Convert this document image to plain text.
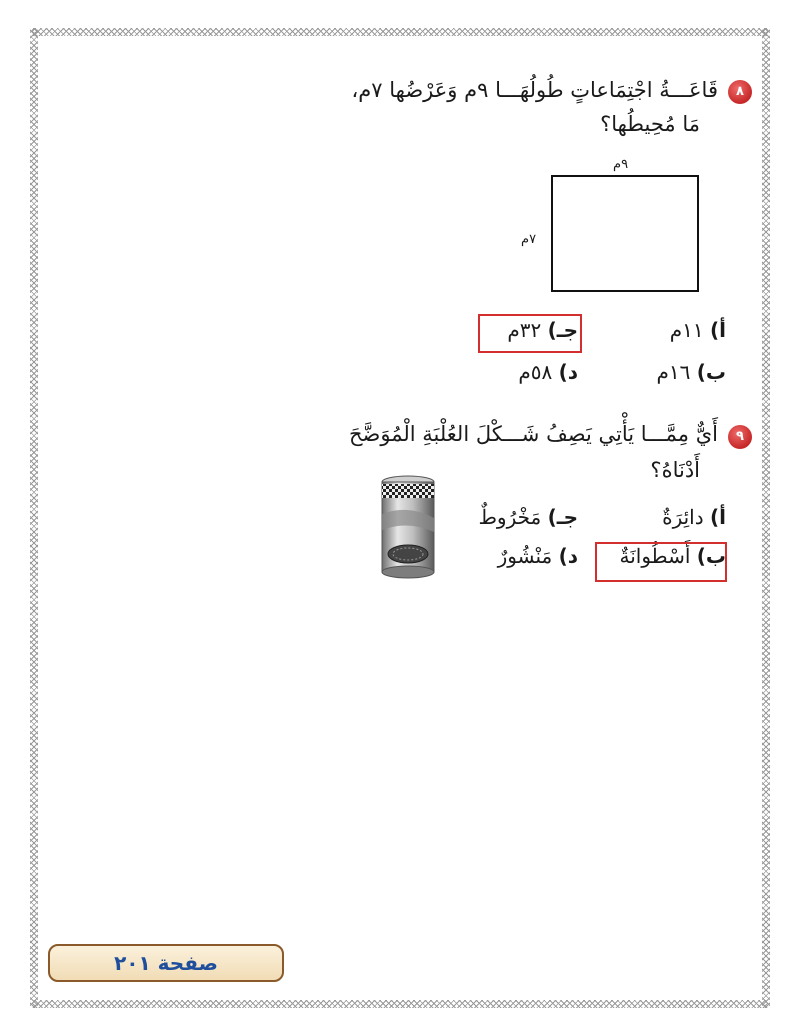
٨
قَاعَـــةُ اجْتِمَاعاتٍ طُولُهَـــا ٩م وَعَرْضُها ٧م،
مَا مُحِيطُها؟
٩م
٧م
أ) ١١م
جـ) ٣٢م
ب) ١٦م
د) ٥٨م
٩
أَيٌّ مِمَّـــا يَأْتِي يَصِفُ شَـــكْلَ العُلْبَةِ الْمُوَضَّحَ
أَدْنَاهُ؟
أ) دائِرَةٌ
جـ) مَخْرُوطٌ
ب) أَسْطُوانَةٌ
د) مَنْشُورٌ
صفحة ٢٠١
